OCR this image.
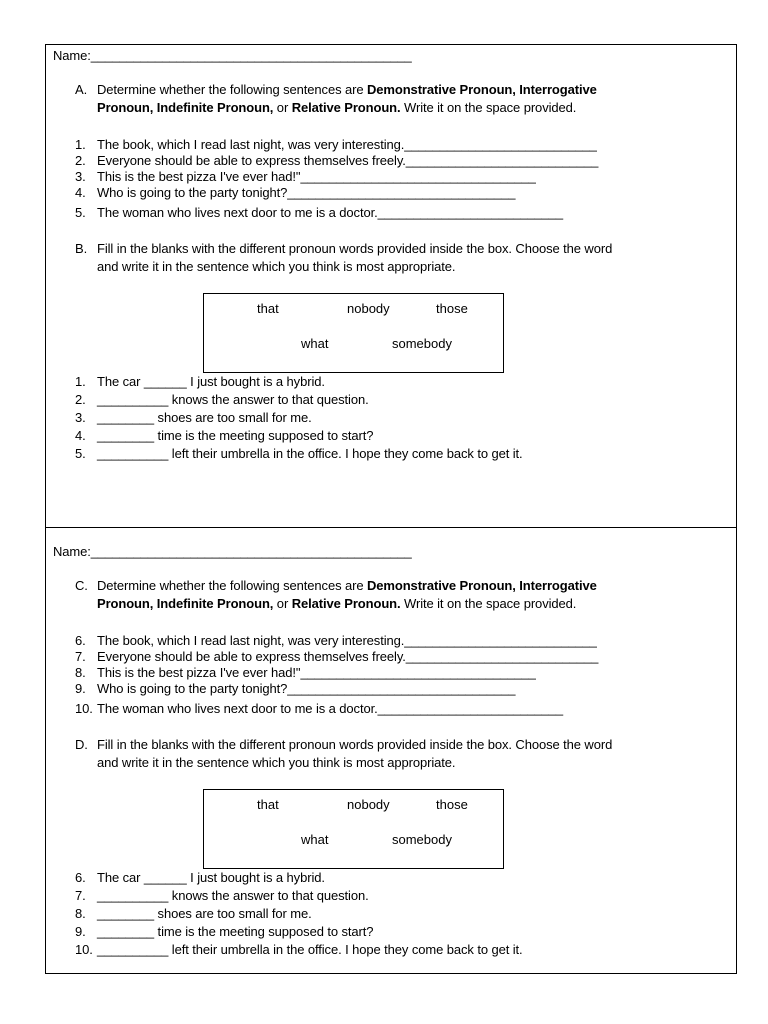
Name:_____________________________________________
A. Determine whether the following sentences are Demonstrative Pronoun, Interrogative
Pronoun, Indefinite Pronoun, or Relative Pronoun. Write it on the space provided.
1. The book, which I read last night, was very interesting.___________________________
2. Everyone should be able to express themselves freely.___________________________
3. This is the best pizza I've ever had!"_________________________________
4. Who is going to the party tonight?________________________________
5. The woman who lives next door to me is a doctor.__________________________
B. Fill in the blanks with the different pronoun words provided inside the box. Choose the word
and write it in the sentence which you think is most appropriate.
that	nobody	those
what	somebody
1. The car ______ I just bought is a hybrid.
2. __________ knows the answer to that question.
3. ________ shoes are too small for me.
4. ________ time is the meeting supposed to start?
5. __________ left their umbrella in the office. I hope they come back to get it.
Name:_____________________________________________
C. Determine whether the following sentences are Demonstrative Pronoun, Interrogative
Pronoun, Indefinite Pronoun, or Relative Pronoun. Write it on the space provided.
6. The book, which I read last night, was very interesting.___________________________
7. Everyone should be able to express themselves freely.___________________________
8. This is the best pizza I've ever had!"_________________________________
9. Who is going to the party tonight?________________________________
10. The woman who lives next door to me is a doctor.__________________________
D. Fill in the blanks with the different pronoun words provided inside the box. Choose the word
and write it in the sentence which you think is most appropriate.
that	nobody	those
what	somebody
6. The car ______ I just bought is a hybrid.
7. __________ knows the answer to that question.
8. ________ shoes are too small for me.
9. ________ time is the meeting supposed to start?
10. __________ left their umbrella in the office. I hope they come back to get it.
